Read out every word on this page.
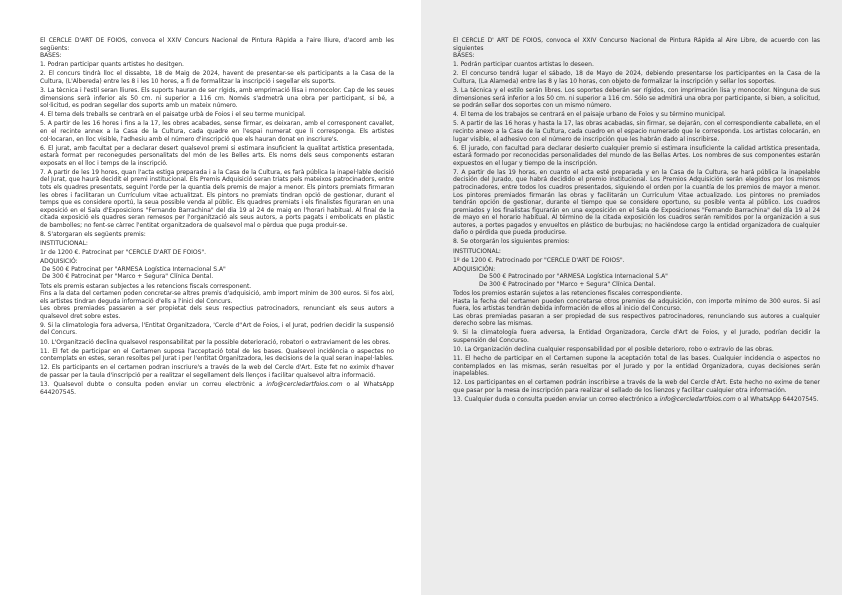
El CERCLE D'ART DE FOIOS, convoca el XXIV Concurs Nacional de Pintura Ràpida a l'aire lliure, d'acord amb les següents:

BASES:

1. Podran participar quants artistes ho desitgen.

2. El concurs tindrà lloc el dissabte, 18 de Maig de 2024, havent de presentar-se els participants a la Casa de la Cultura, (L'Albereda) entre les 8 i les 10 hores, a fi de formalitzar la inscripció i segellar els suports.

3. La tècnica i l'estil seran lliures. Els suports hauran de ser rígids, amb emprimació llisa i monocolor. Cap de les seues dimensions serà inferior als 50 cm. ni superior a 116 cm. Només s'admetrà una obra per participant, si bé, a sol·licitud, es podran segellar dos suports amb un mateix número.

4. El tema dels treballs se centrarà en el paisatge urbà de Foios i el seu terme municipal.

5. A partir de les 16 hores i fins a la 17, les obres acabades, sense firmar, es deixaran, amb el corresponent cavallet, en el recinte annex a la Casa de la Cultura, cada quadre en l'espai numerat que li corresponga. Els artistes col·locaran, en lloc visible, l'adhesiu amb el número d'inscripció que els hauran donat en inscriure's.

6. El jurat, amb facultat per a declarar desert qualsevol premi si estimara insuficient la qualitat artística presentada, estarà format per reconegudes personalitats del món de les Belles arts. Els noms dels seus components estaran exposats en el lloc i temps de la inscripció.

7. A partir de les 19 hores, quan l'acta estiga preparada i a la Casa de la Cultura, es farà pública la inapel·lable decisió del Jurat, que haurà decidit el premi institucional. Els Premis Adquisició seran triats pels mateixos patrocinadors, entre tots els quadres presentats, seguint l'orde per la quantia dels premis de major a menor. Els pintors premiats firmaran les obres i facilitaran un Currículum vitae actualitzat. Els pintors no premiats tindran opció de gestionar, durant el temps que es considere oportú, la seua possible venda al públic. Els quadres premiats i els finalistes figuraran en una exposició en el Sala d'Exposicions "Fernando Barrachina" del dia 19 al 24 de maig en l'horari habitual. Al final de la citada exposició els quadres seran remesos per l'organització als seus autors, a ports pagats i embolicats en plàstic de bambolles; no fent-se càrrec l'entitat organitzadora de qualsevol mal o pèrdua que puga produir-se.

8. S'atorgaran els següents premis:

INSTITUCIONAL:

1r de 1200 €. Patrocinat per "CERCLE D'ART DE FOIOS".

ADQUISICIÓ:

De 500 € Patrocinat per "ARMESA Logística Internacional S.A"

De 300 € Patrocinat per "Marco + Segura" Clínica Dental.

Tots els premis estaran subjectes a les retencions fiscals corresponent.

Fins a la data del certamen poden concretar-se altres premis d'adquisició, amb import mínim de 300 euros. Si fos així, els artistes tindran deguda informació d'ells a l'inici del Concurs.

Les obres premiades passaren a ser propietat dels seus respectius patrocinadors, renunciant els seus autors a qualsevol dret sobre estes.

9. Si la climatologia fora adversa, l'Entitat Organitzadora, 'Cercle d''Art de Foios, i el Jurat, podrien decidir la suspensió del Concurs.

10. L'Organització declina qualsevol responsabilitat per la possible deterioració, robatori o extraviament de les obres.

11. El fet de participar en el Certamen suposa l'acceptació total de les bases. Qualsevol incidència o aspectes no contemplats en estes, seran resoltes pel Jurat i per l'entitat Organitzadora, les decisions de la qual seran inapel·lables.

12. Els participants en el certamen podran inscriure's a través de la web del Cercle d'Art. Este fet no eximix d'haver de passar per la taula d'inscripció per a realitzar el segellament dels llenços i facilitar qualsevol altra informació.

13. Qualsevol dubte o consulta poden enviar un correu electrònic a info@cercledartfoios.com o al WhatsApp 644207545.

El CERCLE D' ART DE FOIOS, convoca el XXIV Concurso Nacional de Pintura Rápida al Aire Libre, de acuerdo con las siguientes

BASES:

1. Podrán participar cuantos artistas lo deseen.

2. El concurso tendrá lugar el sábado, 18 de Mayo de 2024, debiendo presentarse los participantes en la Casa de la Cultura, (La Alameda) entre las 8 y las 10 horas, con objeto de formalizar la inscripción y sellar los soportes.

3. La técnica y el estilo serán libres. Los soportes deberán ser rígidos, con imprimación lisa y monocolor. Ninguna de sus dimensiones será inferior a los 50 cm. ni superior a 116 cm. Sólo se admitirá una obra por participante, si bien, a solicitud, se podrán sellar dos soportes con un mismo número.

4. El tema de los trabajos se centrará en el paisaje urbano de Foios y su término municipal.

5. A partir de las 16 horas y hasta la 17, las obras acabadas, sin firmar, se dejarán, con el correspondiente caballete, en el recinto anexo a la Casa de la Cultura, cada cuadro en el espacio numerado que le corresponda. Los artistas colocarán, en lugar visible, el adhesivo con el número de inscripción que les habrán dado al inscribirse.

6. El jurado, con facultad para declarar desierto cualquier premio si estimara insuficiente la calidad artística presentada, estará formado por reconocidas personalidades del mundo de las Bellas Artes. Los nombres de sus componentes estarán expuestos en el lugar y tiempo de la inscripción.

7. A partir de las 19 horas, en cuanto el acta esté preparada y en la Casa de la Cultura, se hará pública la inapelable decisión del Jurado, que habrá decidido el premio institucional. Los Premios Adquisición serán elegidos por los mismos patrocinadores, entre todos los cuadros presentados, siguiendo el orden por la cuantía de los premios de mayor a menor. Los pintores premiados firmarán las obras y facilitarán un Currículum Vitae actualizado. Los pintores no premiados tendrán opción de gestionar, durante el tiempo que se considere oportuno, su posible venta al público. Los cuadros premiados y los finalistas figurarán en una exposición en el Sala de Exposiciones "Fernando Barrachina" del día 19 al 24 de mayo en el horario habitual. Al término de la citada exposición los cuadros serán remitidos por la organización a sus autores, a portes pagados y envueltos en plástico de burbujas; no haciéndose cargo la entidad organizadora de cualquier daño o pérdida que pueda producirse.

8. Se otorgarán los siguientes premios:

INSTITUCIONAL:

1º de 1200 €. Patrocinado por "CERCLE D'ART DE FOIOS".

ADQUISICIÓN:

De 500 € Patrocinado por "ARMESA Logística Internacional S.A"

De 300 € Patrocinado por "Marco + Segura" Clínica Dental.

Todos los premios estarán sujetos a las retenciones fiscales correspondiente.

Hasta la fecha del certamen pueden concretarse otros premios de adquisición, con importe mínimo de 300 euros. Si así fuera, los artistas tendrán debida información de ellos al inicio del Concurso.

Las obras premiadas pasaran a ser propiedad de sus respectivos patrocinadores, renunciando sus autores a cualquier derecho sobre las mismas.

9. Si la climatología fuera adversa, la Entidad Organizadora, Cercle d'Art de Foios, y el Jurado, podrían decidir la suspensión del Concurso.

10. La Organización declina cualquier responsabilidad por el posible deterioro, robo o extravío de las obras.

11. El hecho de participar en el Certamen supone la aceptación total de las bases. Cualquier incidencia o aspectos no contemplados en las mismas, serán resueltas por el Jurado y por la entidad Organizadora, cuyas decisiones serán inapelables.

12. Los participantes en el certamen podrán inscribirse a través de la web del Cercle d'Art. Este hecho no exime de tener que pasar por la mesa de inscripción para realizar el sellado de los lienzos y facilitar cualquier otra información.

13. Cualquier duda o consulta pueden enviar un correo electrónico a info@cercledartfoios.com o al WhatsApp 644207545.
